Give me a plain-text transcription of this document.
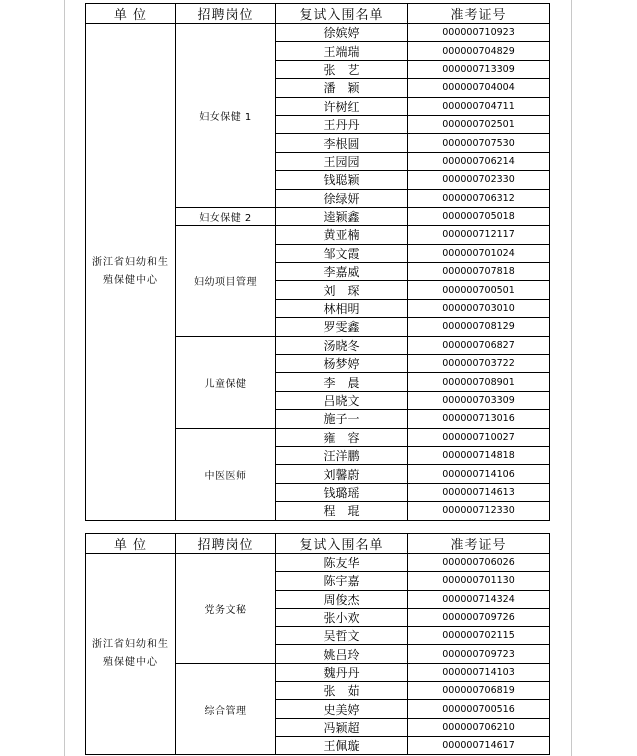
单 位	招聘岗位	复试入围名单	准考证号
浙江省妇幼和生殖保健中心	妇女保健 1	徐嫔婷	000000710923
		王端瑞	000000704829
		张　艺	000000713309
		潘　颖	000000704004
		许树红	000000704711
		王丹丹	000000702501
		李根圆	000000707530
		王园园	000000706214
		钱聪颖	000000702330
		徐绿妍	000000706312
	妇女保健 2	逵颖鑫	000000705018
	妇幼项目管理	黄亚楠	000000712117
		邹文霞	000000701024
		李嘉威	000000707818
		刘　琛	000000700501
		林相明	000000703010
		罗雯鑫	000000708129
	儿童保健	汤晓冬	000000706827
		杨梦婷	000000703722
		李　晨	000000708901
		吕晓文	000000703309
		施子一	000000713016
	中医医师	雍　容	000000710027
		汪洋鹏	000000714818
		刘馨蔚	000000714106
		钱璐瑶	000000714613
		程　琨	000000712330
单 位	招聘岗位	复试入围名单	准考证号
浙江省妇幼和生殖保健中心	党务文秘	陈友华	000000706026
		陈宇嘉	000000701130
		周俊杰	000000714324
		张小欢	000000709726
		吴哲文	000000702115
		姚吕玲	000000709723
	综合管理	魏丹丹	000000714103
		张　茹	000000706819
		史美婷	000000700516
		冯颖超	000000706210
		王佩璇	000000714617
